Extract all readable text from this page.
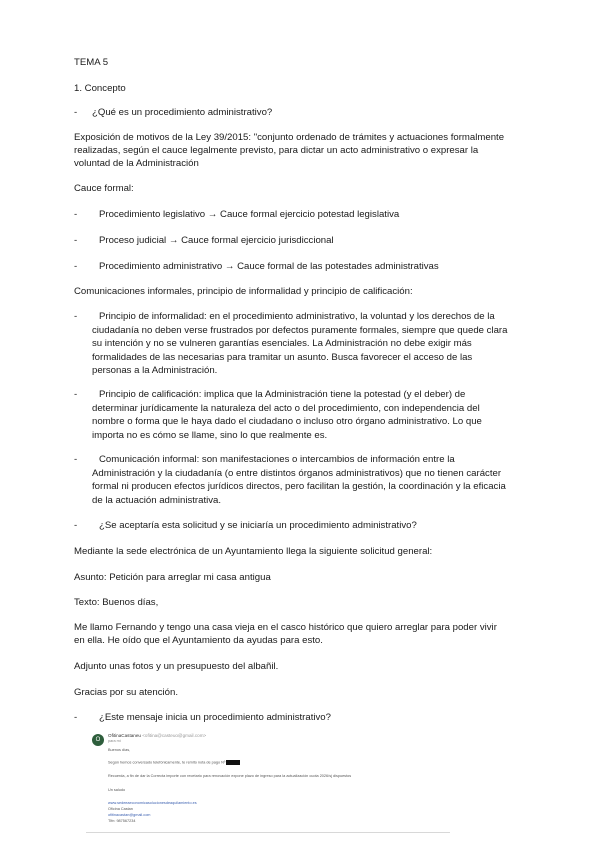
TEMA 5

1. Concepto

-	¿Qué es un procedimiento administrativo?

Exposición de motivos de la Ley 39/2015: "conjunto ordenado de trámites y actuaciones formalmente

realizadas, según el cauce legalmente previsto, para dictar un acto administrativo o expresar la

voluntad de la Administración

Cauce formal:

-	Procedimiento legislativo → Cauce formal ejercicio potestad legislativa
-	Proceso judicial → Cauce formal ejercicio jurisdiccional
-	Procedimiento administrativo → Cauce formal de las potestades administrativas

Comunicaciones informales, principio de informalidad y principio de calificación:

-	Principio de informalidad: en el procedimiento administrativo, la voluntad y los derechos de la
ciudadanía no deben verse frustrados por defectos puramente formales, siempre que quede clara
su intención y no se vulneren garantías esenciales. La Administración no debe exigir más
formalidades de las necesarias para tramitar un asunto. Busca favorecer el acceso de las
personas a la Administración.
-	Principio de calificación: implica que la Administración tiene la potestad (y el deber) de
determinar jurídicamente la naturaleza del acto o del procedimiento, con independencia del
nombre o forma que le haya dado el ciudadano o incluso otro órgano administrativo. Lo que
importa no es cómo se llame, sino lo que realmente es.
-	Comunicación informal: son manifestaciones o intercambios de información entre la
Administración y la ciudadanía (o entre distintos órganos administrativos) que no tienen carácter
formal ni producen efectos jurídicos directos, pero facilitan la gestión, la coordinación y la eficacia
de la actuación administrativa.
-	¿Se aceptaría esta solicitud y se iniciaría un procedimiento administrativo?

Mediante la sede electrónica de un Ayuntamiento llega la siguiente solicitud general:

Asunto: Petición para arreglar mi casa antigua

Texto: Buenos días,

Me llamo Fernando y tengo una casa vieja en el casco histórico que quiero arreglar para poder vivir

en ella. He oído que el Ayuntamiento da ayudas para esto.

Adjunto unas fotos y un presupuesto del albañil.

Gracias por su atención.

-	¿Este mensaje inicia un procedimiento administrativo?
O
OfitinaCastaneu <ofitina@casteuo@gmail.com>
para mí
Buenos días,
Según hemos conversado telefónicamente, te remito nota de pago Nº
Recuerda, a fin de dar la Correcta importe con recetario para renovación expone plazo de ingreso para la actualización cuota 2026/sj dispuestos
Un saludo
www.sedeeaeconomicasolucionesdeaquilamiento.es
Oficina Castan
ofitinacastan@gmail.com
Tlfn: 987567234
